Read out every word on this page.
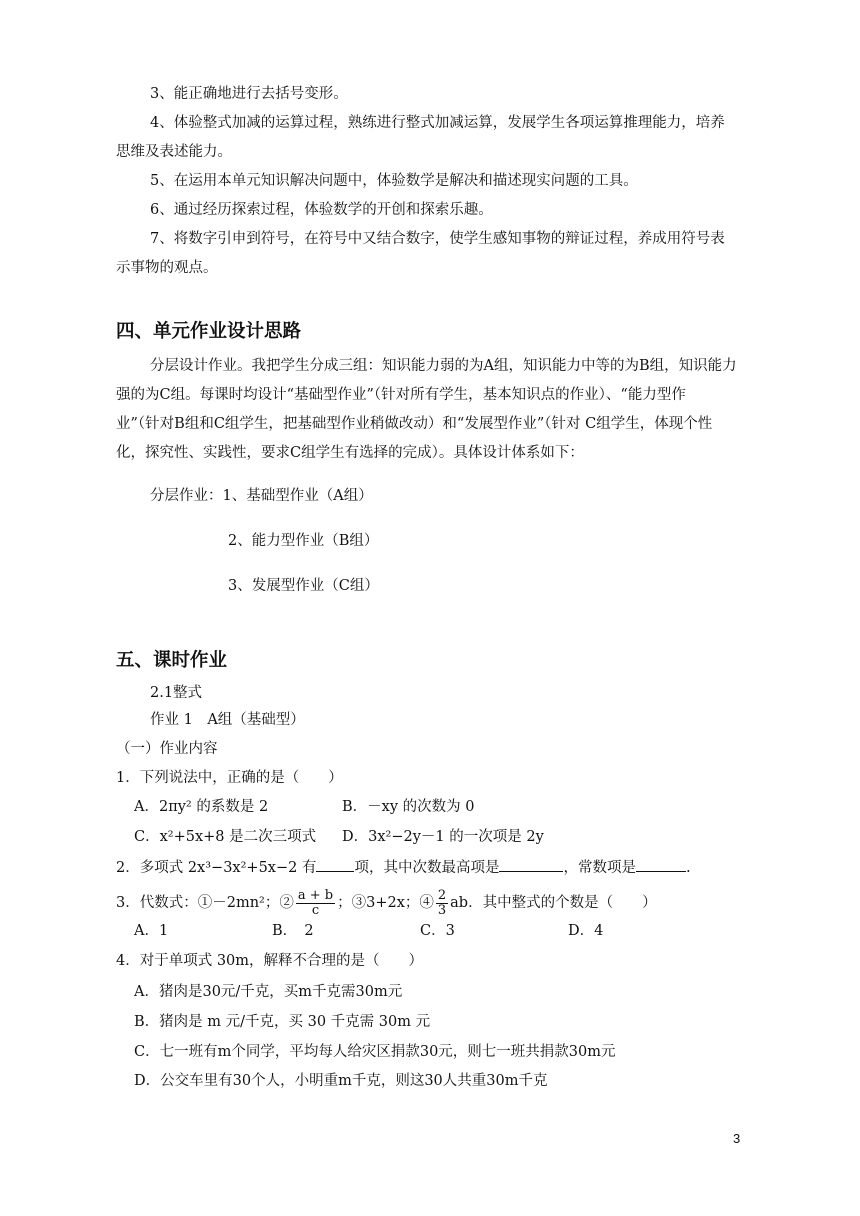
3、能正确地进行去括号变形。
4、体验整式加减的运算过程，熟练进行整式加减运算，发展学生各项运算推理能力，培养
思维及表述能力。
5、在运用本单元知识解决问题中，体验数学是解决和描述现实问题的工具。
6、通过经历探索过程，体验数学的开创和探索乐趣。
7、将数字引申到符号，在符号中又结合数字，使学生感知事物的辩证过程，养成用符号表
示事物的观点。
四、单元作业设计思路
分层设计作业。我把学生分成三组：知识能力弱的为A组，知识能力中等的为B组，知识能力
强的为C组。每课时均设计“基础型作业”（针对所有学生，基本知识点的作业）、“能力型作
业”（针对B组和C组学生，把基础型作业稍做改动）和“发展型作业”（针对 C组学生，体现个性
化，探究性、实践性，要求C组学生有选择的完成）。具体设计体系如下：
分层作业：1、基础型作业（A组）
2、能力型作业（B组）
3、发展型作业（C组）
五、课时作业
2.1整式
作业 1　A组（基础型）
（一）作业内容
1．下列说法中，正确的是（　　）
A．2πy² 的系数是 2	B．－xy 的次数为 0
C．x²+5x+8 是二次三项式 D．3x²−2y－1 的一次项是 2y
2．多项式 2x³−3x²+5x−2 有	项，其中次数最高项是	，常数项是	.
3．代数式：①－2mn²；② $\frac{a + b}{c}$ ；③3+2x；④ $\frac{2}{3}$ ab．其中整式的个数是（　　）
A．1	B．　2	C．3	D．4
4．对于单项式 30m，解释不合理的是（　　）
A．猪肉是30元/千克，买m千克需30m元
B．猪肉是 m 元/千克，买 30 千克需 30m 元
C．七一班有m个同学，平均每人给灾区捐款30元，则七一班共捐款30m元
D．公交车里有30个人，小明重m千克，则这30人共重30m千克
3
